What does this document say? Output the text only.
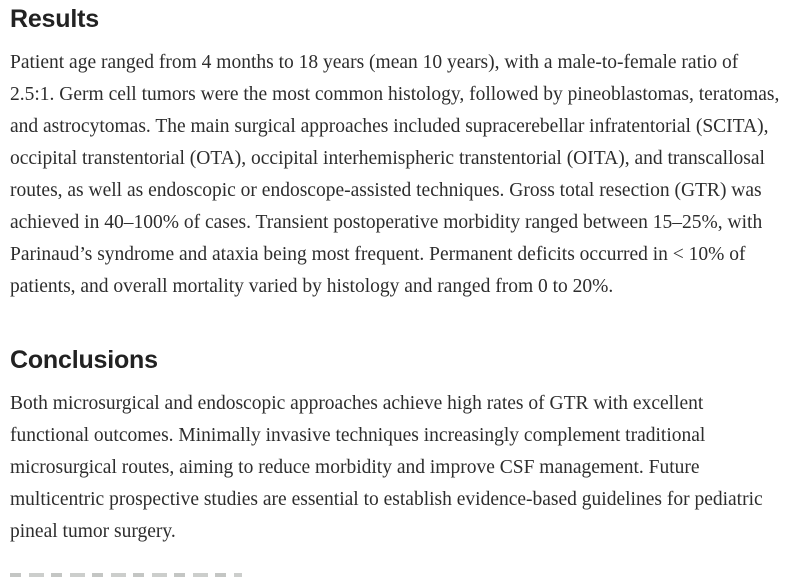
Results

Patient age ranged from 4 months to 18 years (mean 10 years), with a male-to-female ratio of 2.5:1. Germ cell tumors were the most common histology, followed by pineoblastomas, teratomas, and astrocytomas. The main surgical approaches included supracerebellar infratentorial (SCITA), occipital transtentorial (OTA), occipital interhemispheric transtentorial (OITA), and transcallosal routes, as well as endoscopic or endoscope-assisted techniques. Gross total resection (GTR) was achieved in 40–100% of cases. Transient postoperative morbidity ranged between 15–25%, with Parinaud’s syndrome and ataxia being most frequent. Permanent deficits occurred in < 10% of patients, and overall mortality varied by histology and ranged from 0 to 20%.

Conclusions

Both microsurgical and endoscopic approaches achieve high rates of GTR with excellent functional outcomes. Minimally invasive techniques increasingly complement traditional microsurgical routes, aiming to reduce morbidity and improve CSF management. Future multicentric prospective studies are essential to establish evidence-based guidelines for pediatric pineal tumor surgery.
